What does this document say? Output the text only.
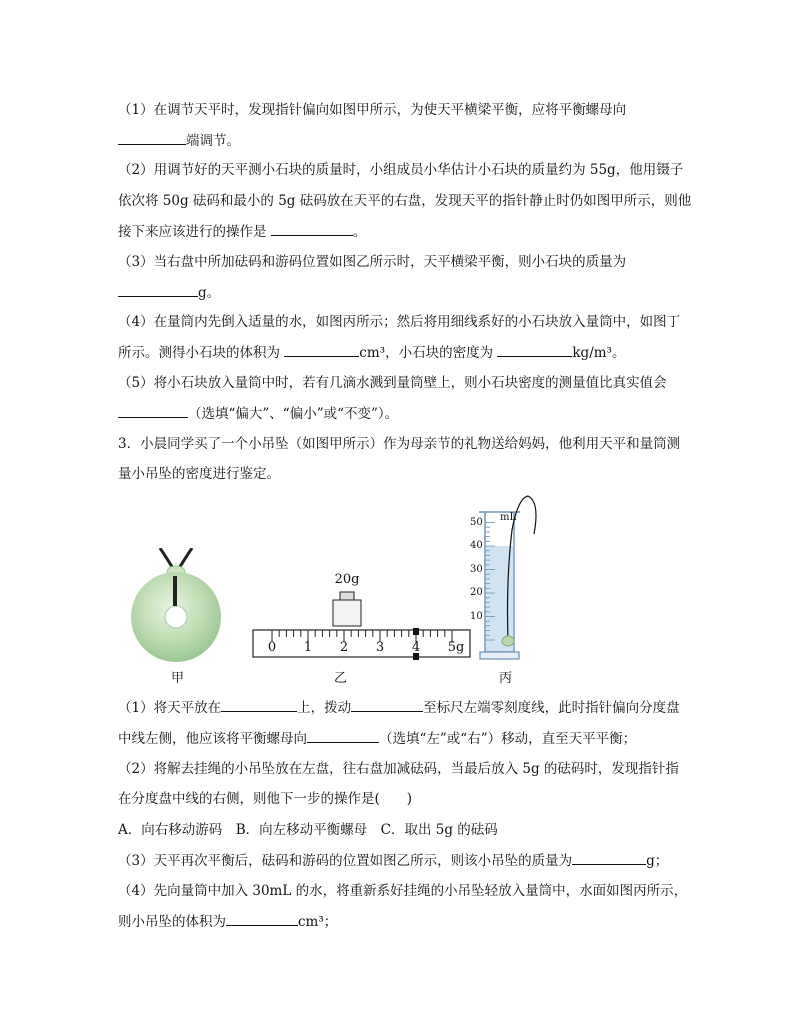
（1）在调节天平时，发现指针偏向如图甲所示，为使天平横梁平衡，应将平衡螺母向
端调节。
（2）用调节好的天平测小石块的质量时，小组成员小华估计小石块的质量约为 55g，他用镊子
依次将 50g 砝码和最小的 5g 砝码放在天平的右盘，发现天平的指针静止时仍如图甲所示，则他
接下来应该进行的操作是	。
（3）当右盘中所加砝码和游码位置如图乙所示时，天平横梁平衡，则小石块的质量为
g。
（4）在量筒内先倒入适量的水，如图丙所示；然后将用细线系好的小石块放入量筒中，如图丁
所示。测得小石块的体积为	cm³，小石块的密度为	kg/m³。
（5）将小石块放入量筒中时，若有几滴水溅到量筒壁上，则小石块密度的测量值比真实值会
（选填“偏大”、“偏小”或“不变”）。
3．小晨同学买了一个小吊坠（如图甲所示）作为母亲节的礼物送给妈妈，他利用天平和量筒测
量小吊坠的密度进行鉴定。
20g
0	1	2	3	4	5g
50
40
30
20
10
mL
甲	乙	丙
（1）将天平放在	上，拨动	至标尺左端零刻度线，此时指针偏向分度盘
中线左侧，他应该将平衡螺母向	（选填“左”或“右”）移动，直至天平平衡；
（2）将解去挂绳的小吊坠放在左盘，往右盘加减砝码，当最后放入 5g 的砝码时，发现指针指
在分度盘中线的右侧，则他下一步的操作是(　　)
A．向右移动游码　B．向左移动平衡螺母　C．取出 5g 的砝码
（3）天平再次平衡后，砝码和游码的位置如图乙所示，则该小吊坠的质量为	g；
（4）先向量筒中加入 30mL 的水，将重新系好挂绳的小吊坠轻放入量筒中，水面如图丙所示，
则小吊坠的体积为	cm³；
